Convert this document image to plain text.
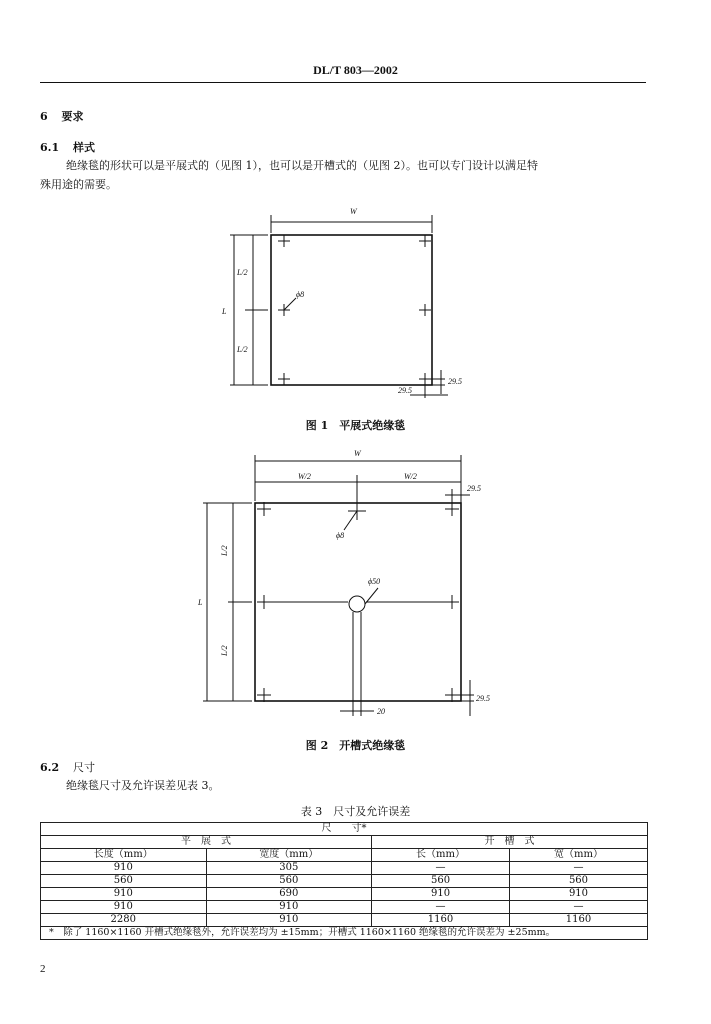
DL/T 803—2002
6 要求
6.1 样式
绝缘毯的形状可以是平展式的（见图 1），也可以是开槽式的（见图 2）。也可以专门设计以满足特
殊用途的需要。
W
L
L/2
L/2
ϕ8
29.5
29.5
W
W/2	W/2
L
L/2
L/2
ϕ8
ϕ50
29.5
29.5
20
图 1　平展式绝缘毯
图 2　开槽式绝缘毯
6.2 尺寸
绝缘毯尺寸及允许误差见表 3。
表 3　尺寸及允许误差
尺　　寸*			
平　展　式		开　槽　式	
长度（mm）	宽度（mm）	长（mm）	宽（mm）
910	305	—	—
560	560	560	560
910	690	910	910
910	910	—	—
2280	910	1160	1160
*　除了 1160×1160 开槽式绝缘毯外，允许误差均为 ±15mm；开槽式 1160×1160 绝缘毯的允许误差为 ±25mm。			
2
